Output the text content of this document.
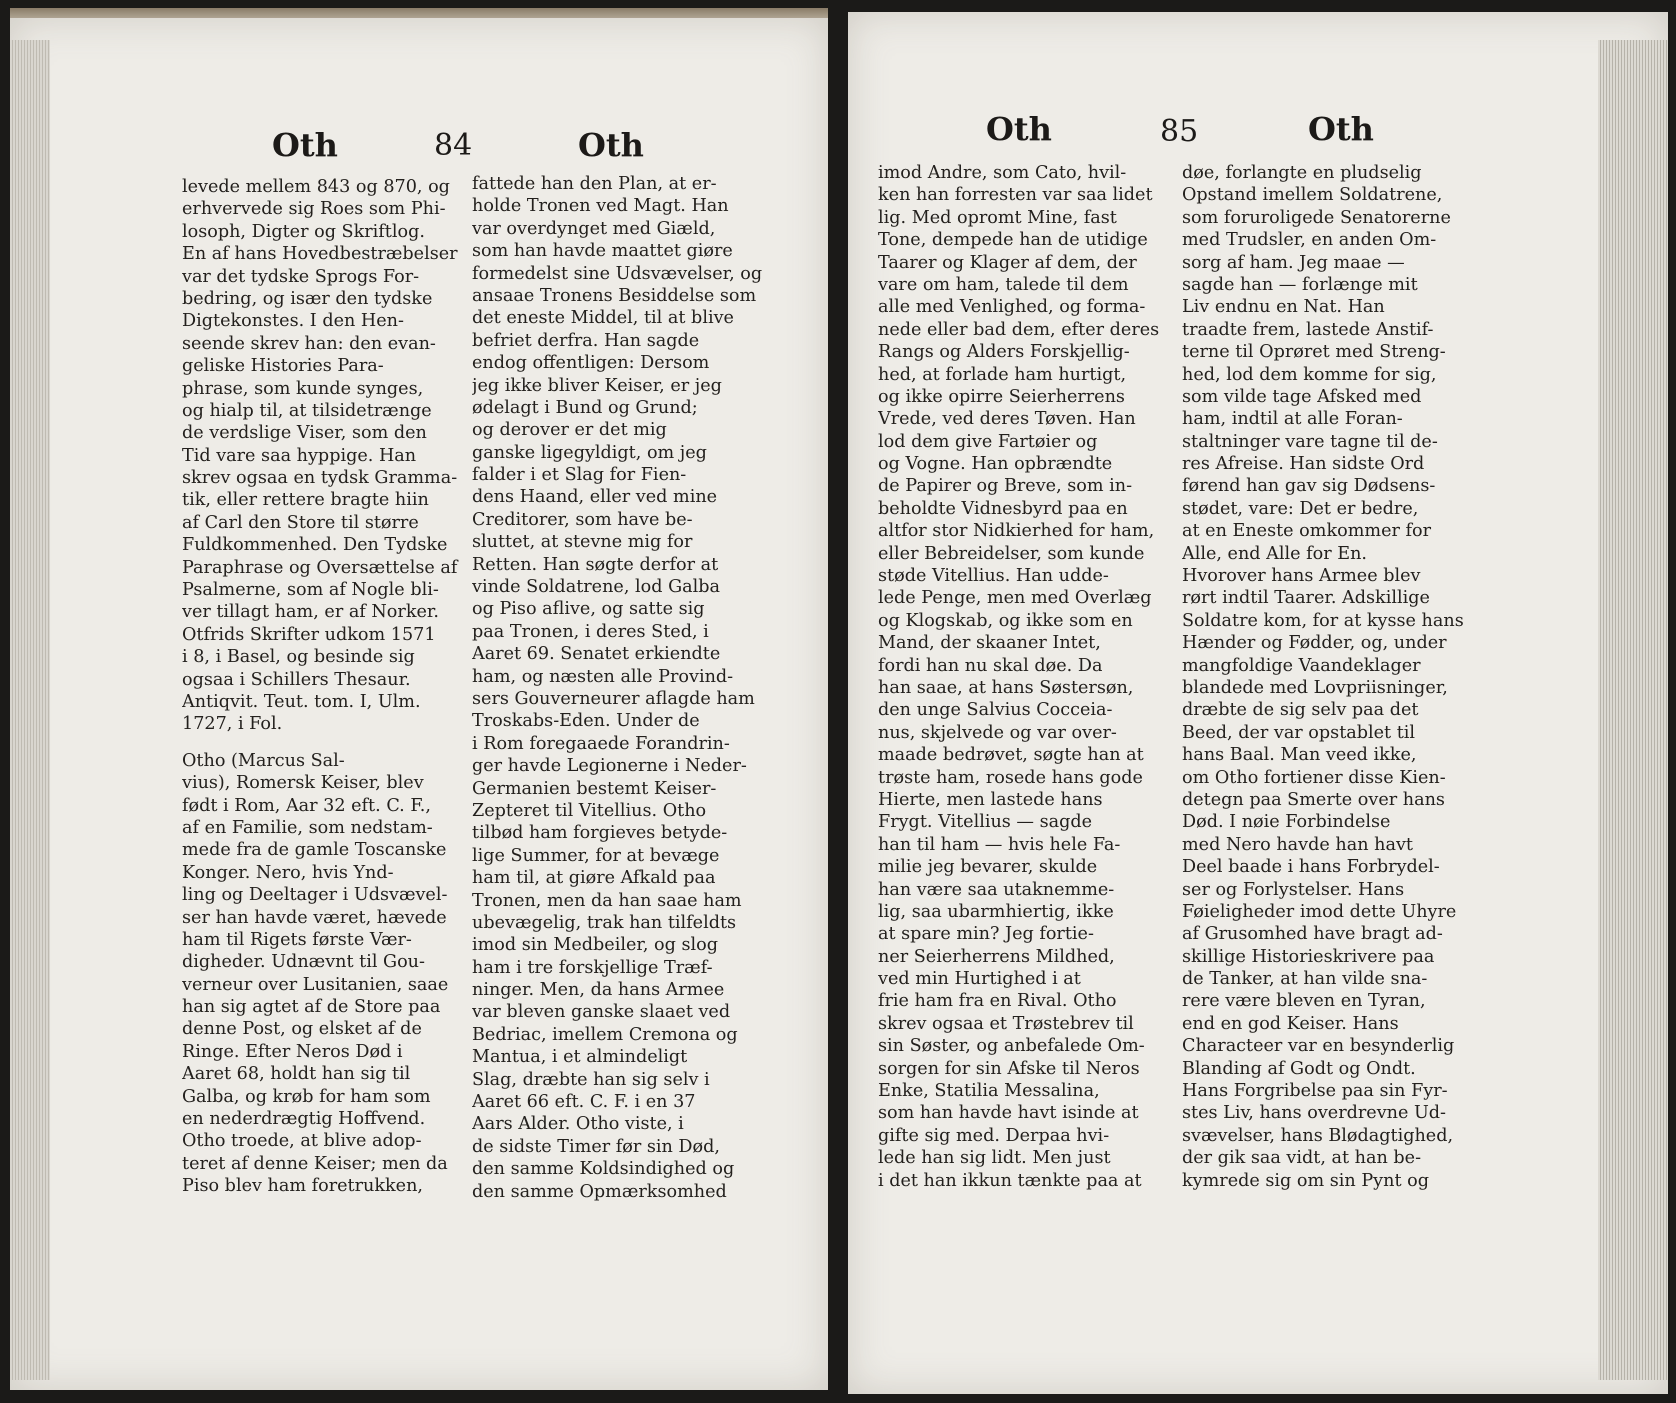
Oth	84	Oth
levede mellem 843 og 870, og
erhvervede sig Roes som Phi-
losoph, Digter og Skriftlog.
En af hans Hovedbestræbelser
var det tydske Sprogs For-
bedring, og især den tydske
Digtekonstes. I den Hen-
seende skrev han: den evan-
geliske Histories Para-
phrase, som kunde synges,
og hialp til, at tilsidetrænge
de verdslige Viser, som den
Tid vare saa hyppige. Han
skrev ogsaa en tydsk Gramma-
tik, eller rettere bragte hiin
af Carl den Store til større
Fuldkommenhed. Den Tydske
Paraphrase og Oversættelse af
Psalmerne, som af Nogle bli-
ver tillagt ham, er af Norker.
Otfrids Skrifter udkom 1571
i 8, i Basel, og besinde sig
ogsaa i Schillers Thesaur.
Antiqvit. Teut. tom. I, Ulm.
1727, i Fol.
Otho (Marcus Sal-
vius), Romersk Keiser, blev
født i Rom, Aar 32 eft. C. F.,
af en Familie, som nedstam-
mede fra de gamle Toscanske
Konger. Nero, hvis Ynd-
ling og Deeltager i Udsvævel-
ser han havde været, hævede
ham til Rigets første Vær-
digheder. Udnævnt til Gou-
verneur over Lusitanien, saae
han sig agtet af de Store paa
denne Post, og elsket af de
Ringe. Efter Neros Død i
Aaret 68, holdt han sig til
Galba, og krøb for ham som
en nederdrægtig Hoffvend.
Otho troede, at blive adop-
teret af denne Keiser; men da
Piso blev ham foretrukken,
fattede han den Plan, at er-
holde Tronen ved Magt. Han
var overdynget med Giæld,
som han havde maattet giøre
formedelst sine Udsvævelser, og
ansaae Tronens Besiddelse som
det eneste Middel, til at blive
befriet derfra. Han sagde
endog offentligen: Dersom
jeg ikke bliver Keiser, er jeg
ødelagt i Bund og Grund;
og derover er det mig
ganske ligegyldigt, om jeg
falder i et Slag for Fien-
dens Haand, eller ved mine
Creditorer, som have be-
sluttet, at stevne mig for
Retten. Han søgte derfor at
vinde Soldatrene, lod Galba
og Piso aflive, og satte sig
paa Tronen, i deres Sted, i
Aaret 69. Senatet erkiendte
ham, og næsten alle Provind-
sers Gouverneurer aflagde ham
Troskabs-Eden. Under de
i Rom foregaaede Forandrin-
ger havde Legionerne i Neder-
Germanien bestemt Keiser-
Zepteret til Vitellius. Otho
tilbød ham forgieves betyde-
lige Summer, for at bevæge
ham til, at giøre Afkald paa
Tronen, men da han saae ham
ubevægelig, trak han tilfeldts
imod sin Medbeiler, og slog
ham i tre forskjellige Træf-
ninger. Men, da hans Armee
var bleven ganske slaaet ved
Bedriac, imellem Cremona og
Mantua, i et almindeligt
Slag, dræbte han sig selv i
Aaret 66 eft. C. F. i en 37
Aars Alder. Otho viste, i
de sidste Timer før sin Død,
den samme Koldsindighed og
den samme Opmærksomhed
Oth	85	Oth
imod Andre, som Cato, hvil-
ken han forresten var saa lidet
lig. Med opromt Mine, fast
Tone, dempede han de utidige
Taarer og Klager af dem, der
vare om ham, talede til dem
alle med Venlighed, og forma-
nede eller bad dem, efter deres
Rangs og Alders Forskjellig-
hed, at forlade ham hurtigt,
og ikke opirre Seierherrens
Vrede, ved deres Tøven. Han
lod dem give Fartøier og
og Vogne. Han opbrændte
de Papirer og Breve, som in-
beholdte Vidnesbyrd paa en
altfor stor Nidkierhed for ham,
eller Bebreidelser, som kunde
støde Vitellius. Han udde-
lede Penge, men med Overlæg
og Klogskab, og ikke som en
Mand, der skaaner Intet,
fordi han nu skal døe. Da
han saae, at hans Søstersøn,
den unge Salvius Cocceia-
nus, skjelvede og var over-
maade bedrøvet, søgte han at
trøste ham, rosede hans gode
Hierte, men lastede hans
Frygt. Vitellius — sagde
han til ham — hvis hele Fa-
milie jeg bevarer, skulde
han være saa utaknemme-
lig, saa ubarmhiertig, ikke
at spare min? Jeg fortie-
ner Seierherrens Mildhed,
ved min Hurtighed i at
frie ham fra en Rival. Otho
skrev ogsaa et Trøstebrev til
sin Søster, og anbefalede Om-
sorgen for sin Afske til Neros
Enke, Statilia Messalina,
som han havde havt isinde at
gifte sig med. Derpaa hvi-
lede han sig lidt. Men just
i det han ikkun tænkte paa at
døe, forlangte en pludselig
Opstand imellem Soldatrene,
som foruroligede Senatorerne
med Trudsler, en anden Om-
sorg af ham. Jeg maae —
sagde han — forlænge mit
Liv endnu en Nat. Han
traadte frem, lastede Anstif-
terne til Oprøret med Streng-
hed, lod dem komme for sig,
som vilde tage Afsked med
ham, indtil at alle Foran-
staltninger vare tagne til de-
res Afreise. Han sidste Ord
førend han gav sig Dødsens-
stødet, vare: Det er bedre,
at en Eneste omkommer for
Alle, end Alle for En.
Hvorover hans Armee blev
rørt indtil Taarer. Adskillige
Soldatre kom, for at kysse hans
Hænder og Fødder, og, under
mangfoldige Vaandeklager
blandede med Lovpriisninger,
dræbte de sig selv paa det
Beed, der var opstablet til
hans Baal. Man veed ikke,
om Otho fortiener disse Kien-
detegn paa Smerte over hans
Død. I nøie Forbindelse
med Nero havde han havt
Deel baade i hans Forbrydel-
ser og Forlystelser. Hans
Føieligheder imod dette Uhyre
af Grusomhed have bragt ad-
skillige Historieskrivere paa
de Tanker, at han vilde sna-
rere være bleven en Tyran,
end en god Keiser. Hans
Characteer var en besynderlig
Blanding af Godt og Ondt.
Hans Forgribelse paa sin Fyr-
stes Liv, hans overdrevne Ud-
svævelser, hans Blødagtighed,
der gik saa vidt, at han be-
kymrede sig om sin Pynt og
